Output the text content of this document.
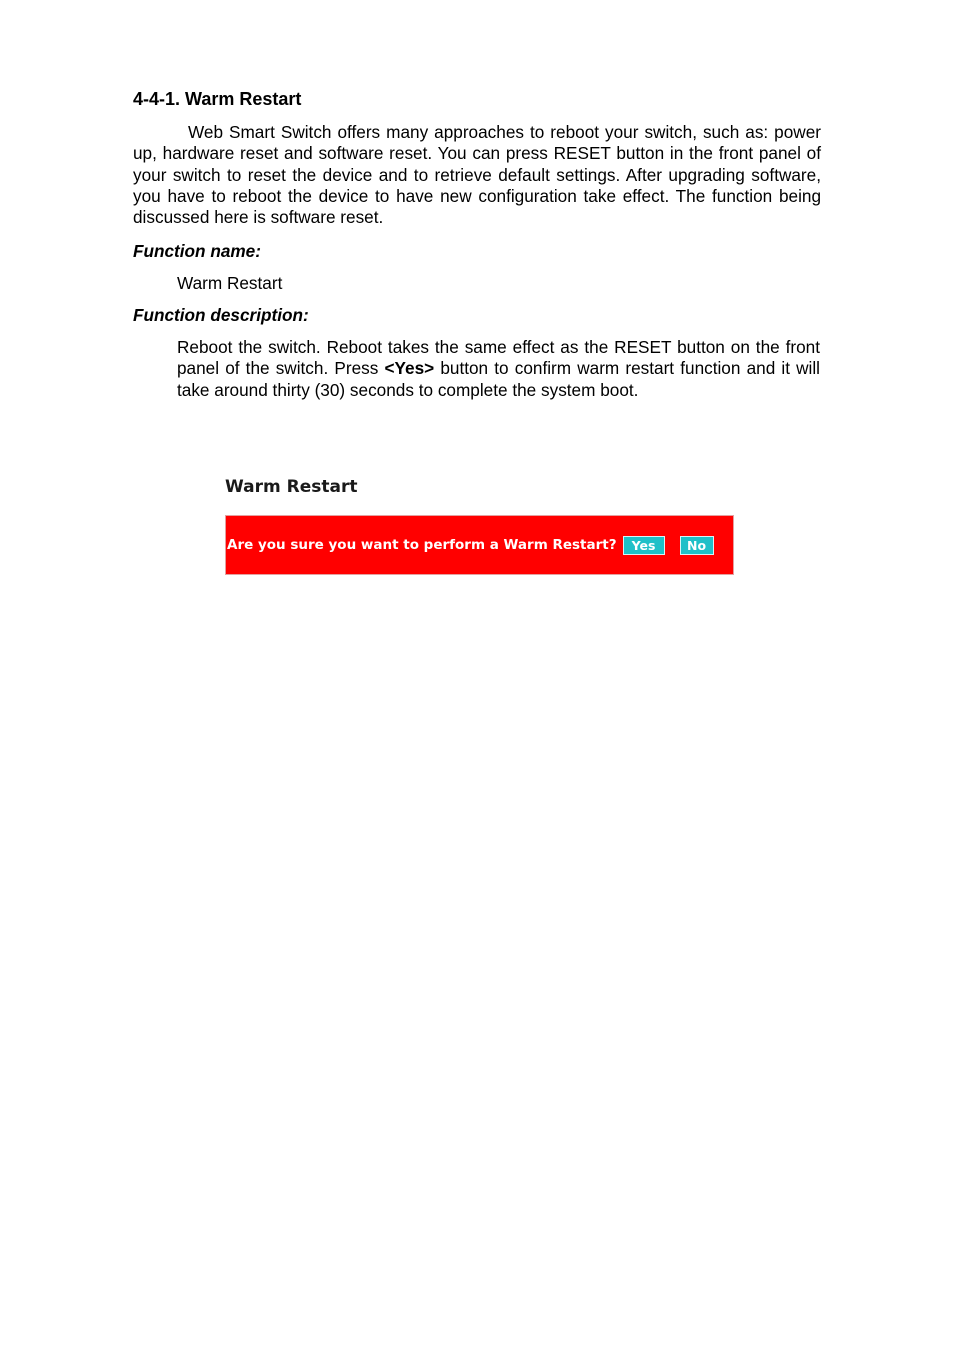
4-4-1. Warm Restart

Web Smart Switch offers many approaches to reboot your switch, such as: power up, hardware reset and software reset. You can press RESET button in the front panel of your switch to reset the device and to retrieve default settings. After upgrading software, you have to reboot the device to have new configuration take effect. The function being discussed here is software reset.

Function name:

Warm Restart

Function description:

Reboot the switch. Reboot takes the same effect as the RESET button on the front panel of the switch. Press <Yes> button to confirm warm restart function and it will take around thirty (30) seconds to complete the system boot.

Warm Restart
Are you sure you want to perform a Warm Restart?	Yes	No
